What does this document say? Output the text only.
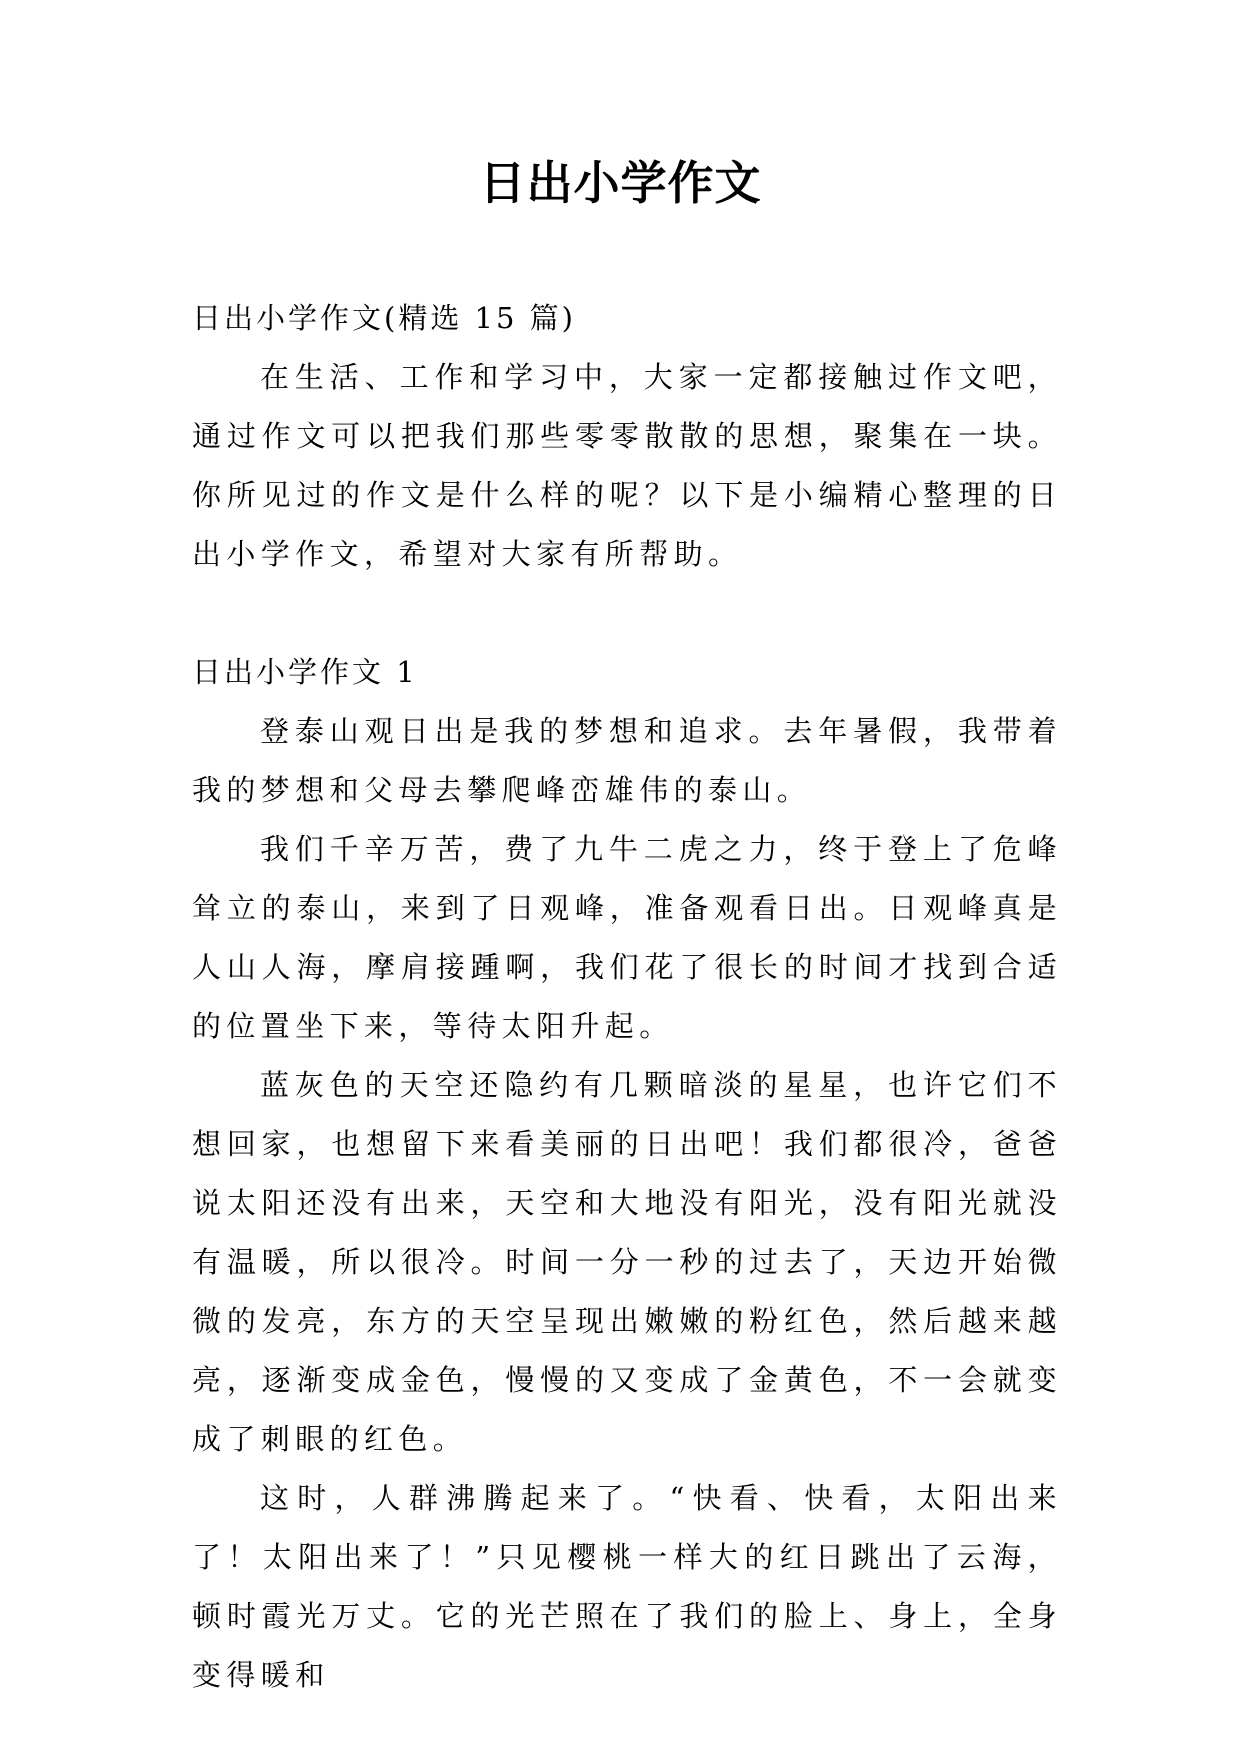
日出小学作文

日出小学作文(精选 15 篇)

在生活、工作和学习中，大家一定都接触过作文吧，通过作文可以把我们那些零零散散的思想，聚集在一块。你所见过的作文是什么样的呢？以下是小编精心整理的日出小学作文，希望对大家有所帮助。

日出小学作文 1

登泰山观日出是我的梦想和追求。去年暑假，我带着我的梦想和父母去攀爬峰峦雄伟的泰山。

我们千辛万苦，费了九牛二虎之力，终于登上了危峰耸立的泰山，来到了日观峰，准备观看日出。日观峰真是人山人海，摩肩接踵啊，我们花了很长的时间才找到合适的位置坐下来，等待太阳升起。

蓝灰色的天空还隐约有几颗暗淡的星星，也许它们不想回家，也想留下来看美丽的日出吧！我们都很冷，爸爸说太阳还没有出来，天空和大地没有阳光，没有阳光就没有温暖，所以很冷。时间一分一秒的过去了，天边开始微微的发亮，东方的天空呈现出嫩嫩的粉红色，然后越来越亮，逐渐变成金色，慢慢的又变成了金黄色，不一会就变成了刺眼的红色。

这时，人群沸腾起来了。“快看、快看，太阳出来了！太阳出来了！”只见樱桃一样大的红日跳出了云海，顿时霞光万丈。它的光芒照在了我们的脸上、身上，全身变得暖和
